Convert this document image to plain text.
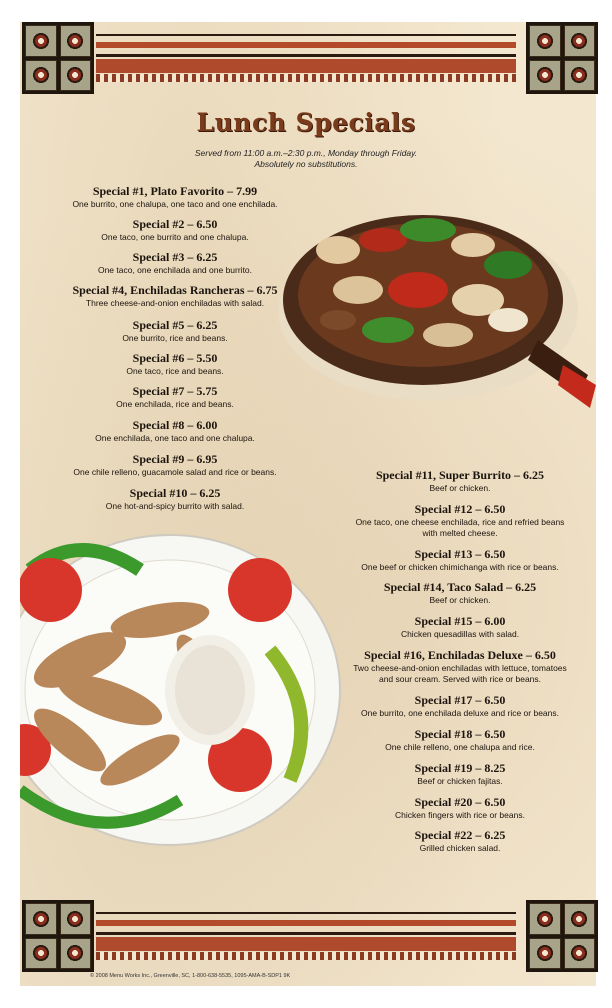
Lunch Specials
Served from 11:00 a.m.–2:30 p.m., Monday through Friday.
Absolutely no substitutions.
Special #1, Plato Favorito – 7.99
One burrito, one chalupa, one taco and one enchilada.
Special #2 – 6.50
One taco, one burrito and one chalupa.
Special #3 – 6.25
One taco, one enchilada and one burrito.
Special #4, Enchiladas Rancheras – 6.75
Three cheese-and-onion enchiladas with salad.
Special #5 – 6.25
One burrito, rice and beans.
Special #6 – 5.50
One taco, rice and beans.
Special #7 – 5.75
One enchilada, rice and beans.
Special #8 – 6.00
One enchilada, one taco and one chalupa.
Special #9 – 6.95
One chile relleno, guacamole salad and rice or beans.
Special #10 – 6.25
One hot-and-spicy burrito with salad.
Special #11, Super Burrito – 6.25
Beef or chicken.
Special #12 – 6.50
One taco, one cheese enchilada, rice and refried beans
with melted cheese.
Special #13 – 6.50
One beef or chicken chimichanga with rice or beans.
Special #14, Taco Salad – 6.25
Beef or chicken.
Special #15 – 6.00
Chicken quesadillas with salad.
Special #16, Enchiladas Deluxe – 6.50
Two cheese-and-onion enchiladas with lettuce, tomatoes
and sour cream. Served with rice or beans.
Special #17 – 6.50
One burrito, one enchilada deluxe and rice or beans.
Special #18 – 6.50
One chile relleno, one chalupa and rice.
Special #19 – 8.25
Beef or chicken fajitas.
Special #20 – 6.50
Chicken fingers with rice or beans.
Special #22 – 6.25
Grilled chicken salad.
© 2008 Menu Works Inc., Greenville, SC, 1-800-638-5535, 1095-AMA-B-SDP1 9K
